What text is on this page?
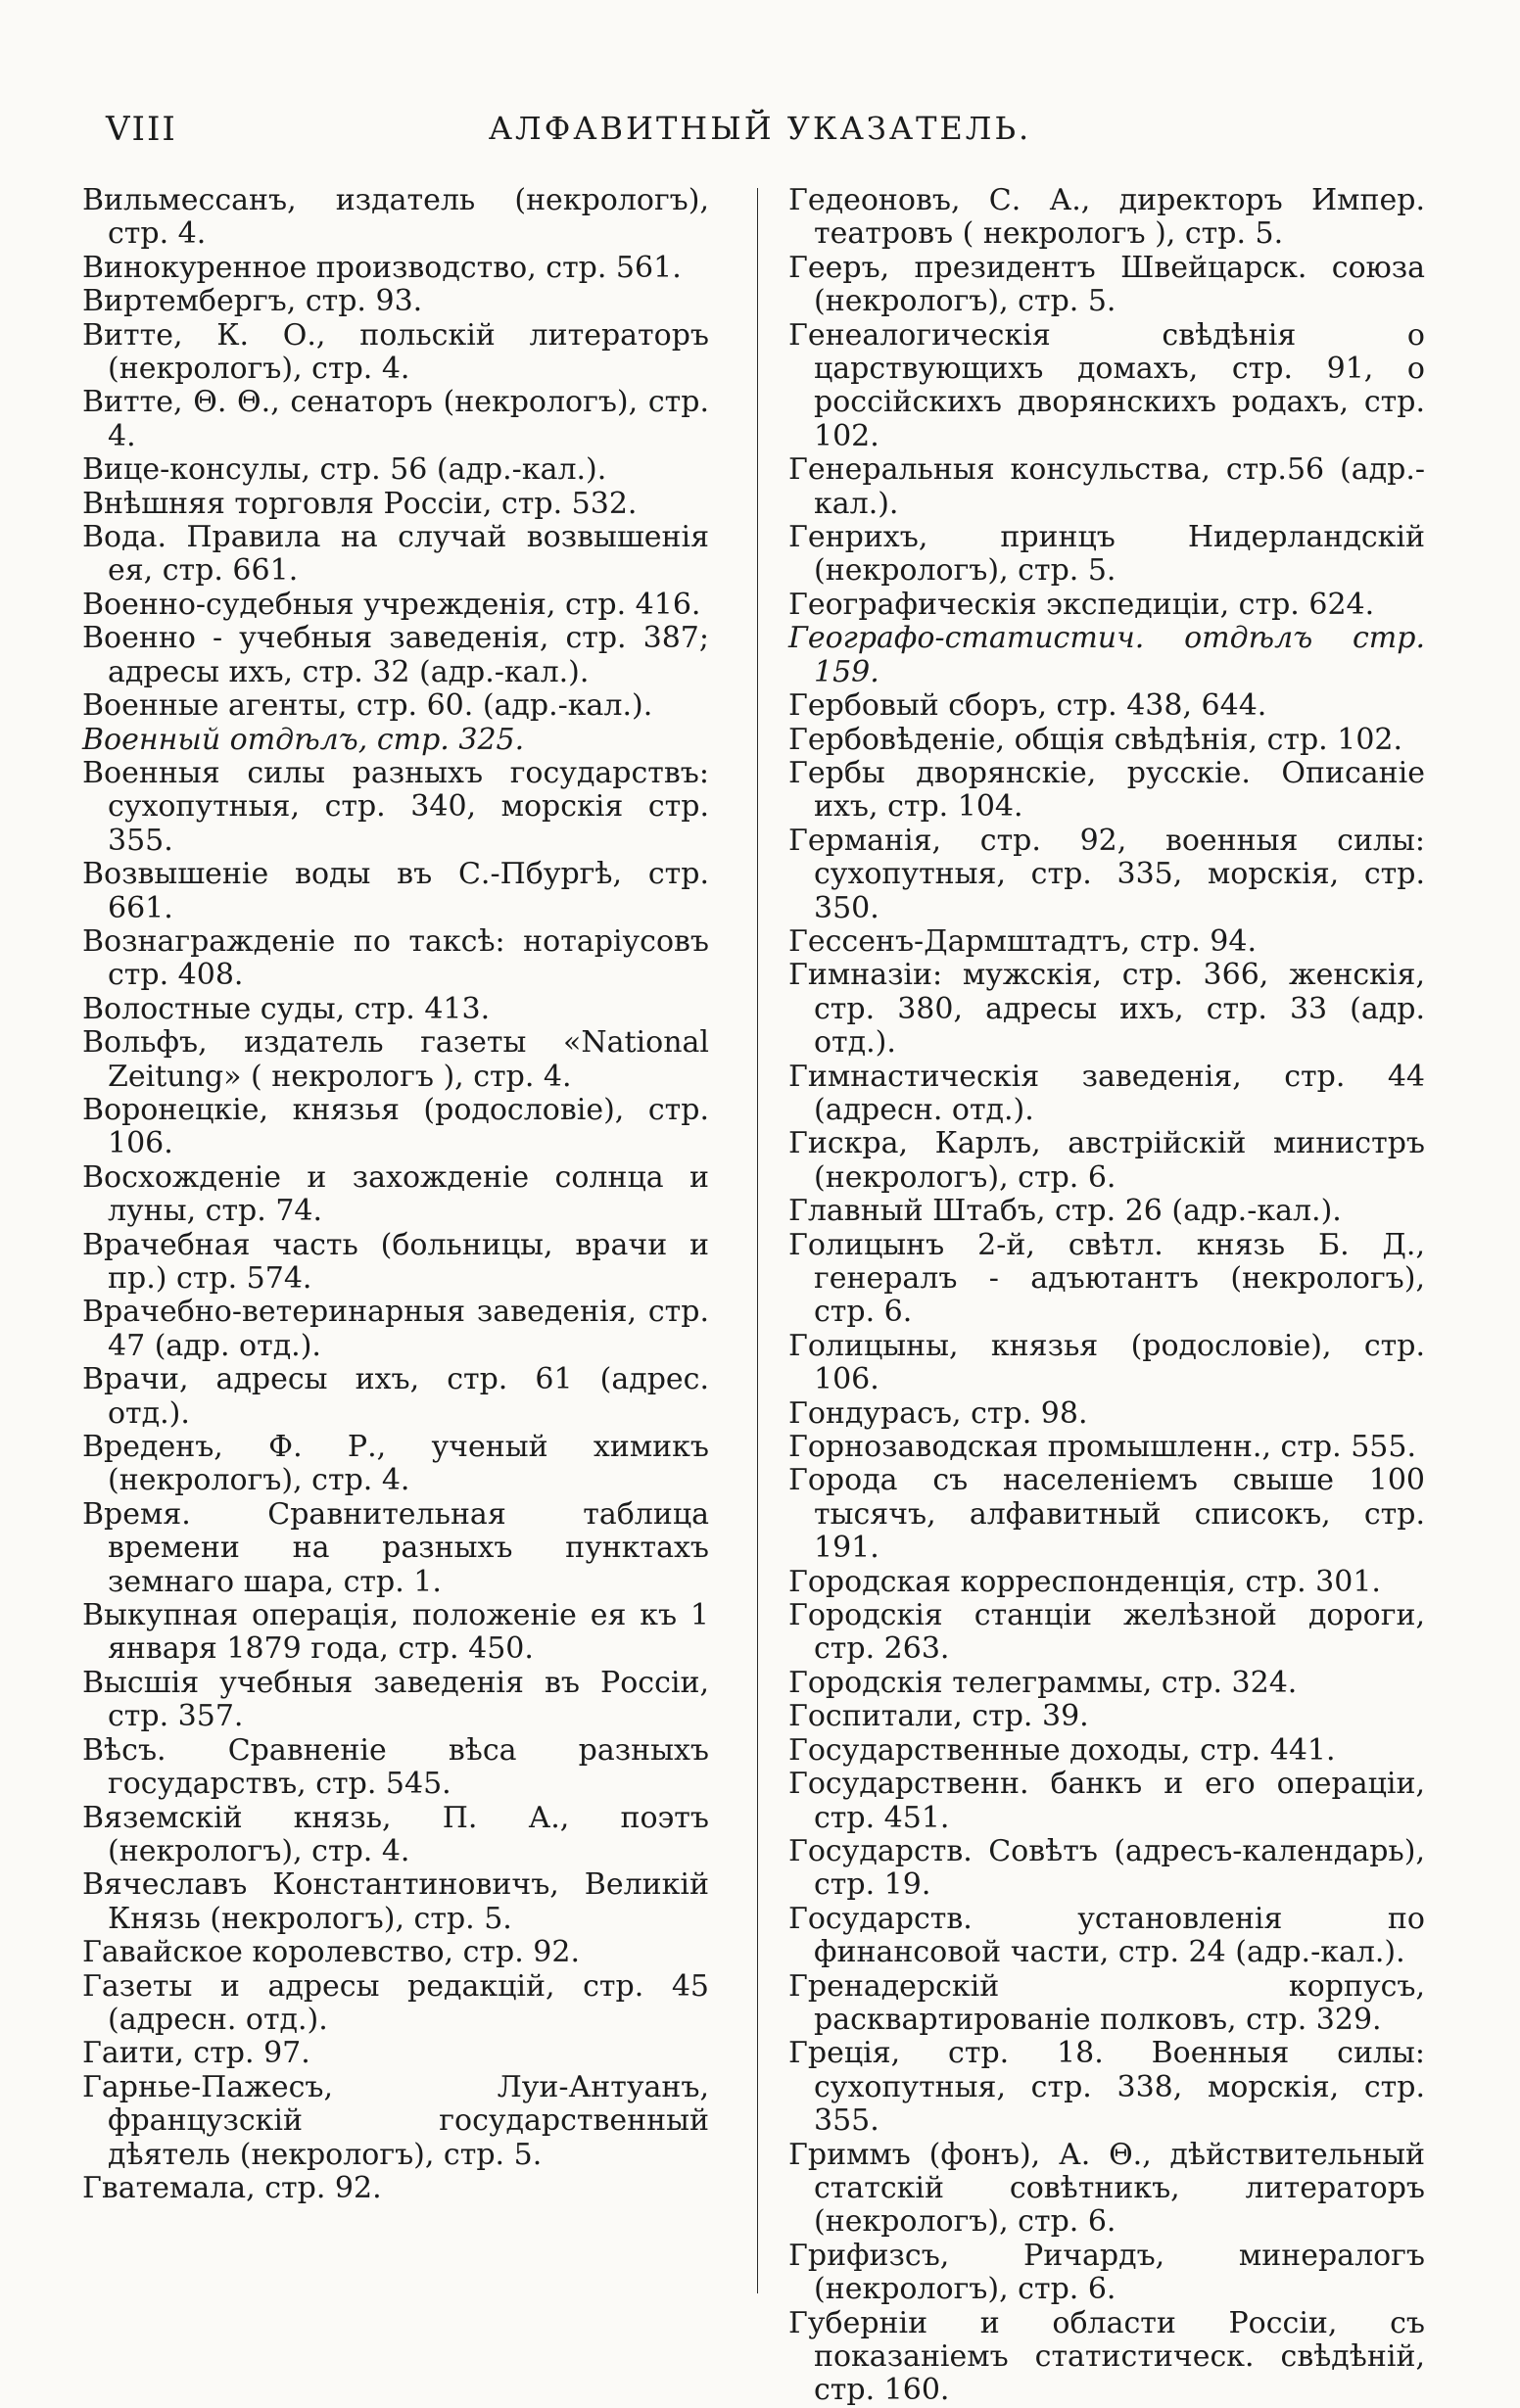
VIII	АЛФАВИТНЫЙ УКАЗАТЕЛЬ.

Вильмессанъ, издатель (некрологъ), стр. 4.

Винокуренное производство, стр. 561.

Виртембергъ, стр. 93.

Витте, К. О., польскій литераторъ (некрологъ), стр. 4.

Витте, Θ. Θ., сенаторъ (некрологъ), стр. 4.

Вице-консулы, стр. 56 (адр.-кал.).

Внѣшняя торговля Россіи, стр. 532.

Вода. Правила на случай возвышенія ея, стр. 661.

Военно-судебныя учрежденія, стр. 416.

Военно - учебныя заведенія, стр. 387; адресы ихъ, стр. 32 (адр.-кал.).

Военные агенты, стр. 60. (адр.-кал.).

Военный отдѣлъ, стр. 325.

Военныя силы разныхъ государствъ: сухопутныя, стр. 340, морскія стр. 355.

Возвышеніе воды въ С.-Пбургѣ, стр. 661.

Вознагражденіе по таксѣ: нотаріусовъ стр. 408.

Волостные суды, стр. 413.

Вольфъ, издатель газеты «National Zeitung» ( некрологъ ), стр. 4.

Воронецкіе, князья (родословіе), стр. 106.

Восхожденіе и захожденіе солнца и луны, стр. 74.

Врачебная часть (больницы, врачи и пр.) стр. 574.

Врачебно-ветеринарныя заведенія, стр. 47 (адр. отд.).

Врачи, адресы ихъ, стр. 61 (адрес. отд.).

Вреденъ, Ф. Р., ученый химикъ (некрологъ), стр. 4.

Время. Сравнительная таблица времени на разныхъ пунктахъ земнаго шара, стр. 1.

Выкупная операція, положеніе ея къ 1 января 1879 года, стр. 450.

Высшія учебныя заведенія въ Россіи, стр. 357.

Вѣсъ. Сравненіе вѣса разныхъ государствъ, стр. 545.

Вяземскій князь, П. А., поэтъ (некрологъ), стр. 4.

Вячеславъ Константиновичъ, Великій Князь (некрологъ), стр. 5.

Гавайское королевство, стр. 92.

Газеты и адресы редакцій, стр. 45 (адресн. отд.).

Гаити, стр. 97.

Гарнье-Пажесъ, Луи-Антуанъ, французскій государственный дѣятель (некрологъ), стр. 5.

Гватемала, стр. 92.

Гедеоновъ, С. А., директоръ Импер. театровъ ( некрологъ ), стр. 5.

Геeръ, президентъ Швейцарск. союза (некрологъ), стр. 5.

Генеалогическія свѣдѣнія о царствующихъ домахъ, стр. 91, о россійскихъ дворянскихъ родахъ, стр. 102.

Генеральныя консульства, стр.56 (адр.-кал.).

Генрихъ, принцъ Нидерландскій (некрологъ), стр. 5.

Географическія экспедиціи, стр. 624.

Географо-статистич. отдѣлъ стр. 159.

Гербовый сборъ, стр. 438, 644.

Гербовѣденіе, общія свѣдѣнія, стр. 102.

Гербы дворянскіе, русскіе. Описаніе ихъ, стр. 104.

Германія, стр. 92, военныя силы: сухопутныя, стр. 335, морскія, стр. 350.

Гессенъ-Дармштадтъ, стр. 94.

Гимназіи: мужскія, стр. 366, женскія, стр. 380, адресы ихъ, стр. 33 (адр. отд.).

Гимнастическія заведенія, стр. 44 (адресн. отд.).

Гискра, Карлъ, австрійскій министръ (некрологъ), стр. 6.

Главный Штабъ, стр. 26 (адр.-кал.).

Голицынъ 2-й, свѣтл. князь Б. Д., генералъ - адъютантъ (некрологъ), стр. 6.

Голицыны, князья (родословіе), стр. 106.

Гондурасъ, стр. 98.

Горнозаводская промышленн., стр. 555.

Города съ населеніемъ свыше 100 тысячъ, алфавитный списокъ, стр. 191.

Городская корреспонденція, стр. 301.

Городскія станціи желѣзной дороги, стр. 263.

Городскія телеграммы, стр. 324.

Госпитали, стр. 39.

Государственные доходы, стр. 441.

Государственн. банкъ и его операціи, стр. 451.

Государств. Совѣтъ (адресъ-календарь), стр. 19.

Государств. установленія по финансовой части, стр. 24 (адр.-кал.).

Гренадерскій корпусъ, расквартированіе полковъ, стр. 329.

Греція, стр. 18. Военныя силы: сухопутныя, стр. 338, морскія, стр. 355.

Гриммъ (фонъ), А. Θ., дѣйствительный статскій совѣтникъ, литераторъ (некрологъ), стр. 6.

Грифизсъ, Ричардъ, минералогъ (некрологъ), стр. 6.

Губерніи и области Россіи, съ показаніемъ статистическ. свѣдѣній, стр. 160.
